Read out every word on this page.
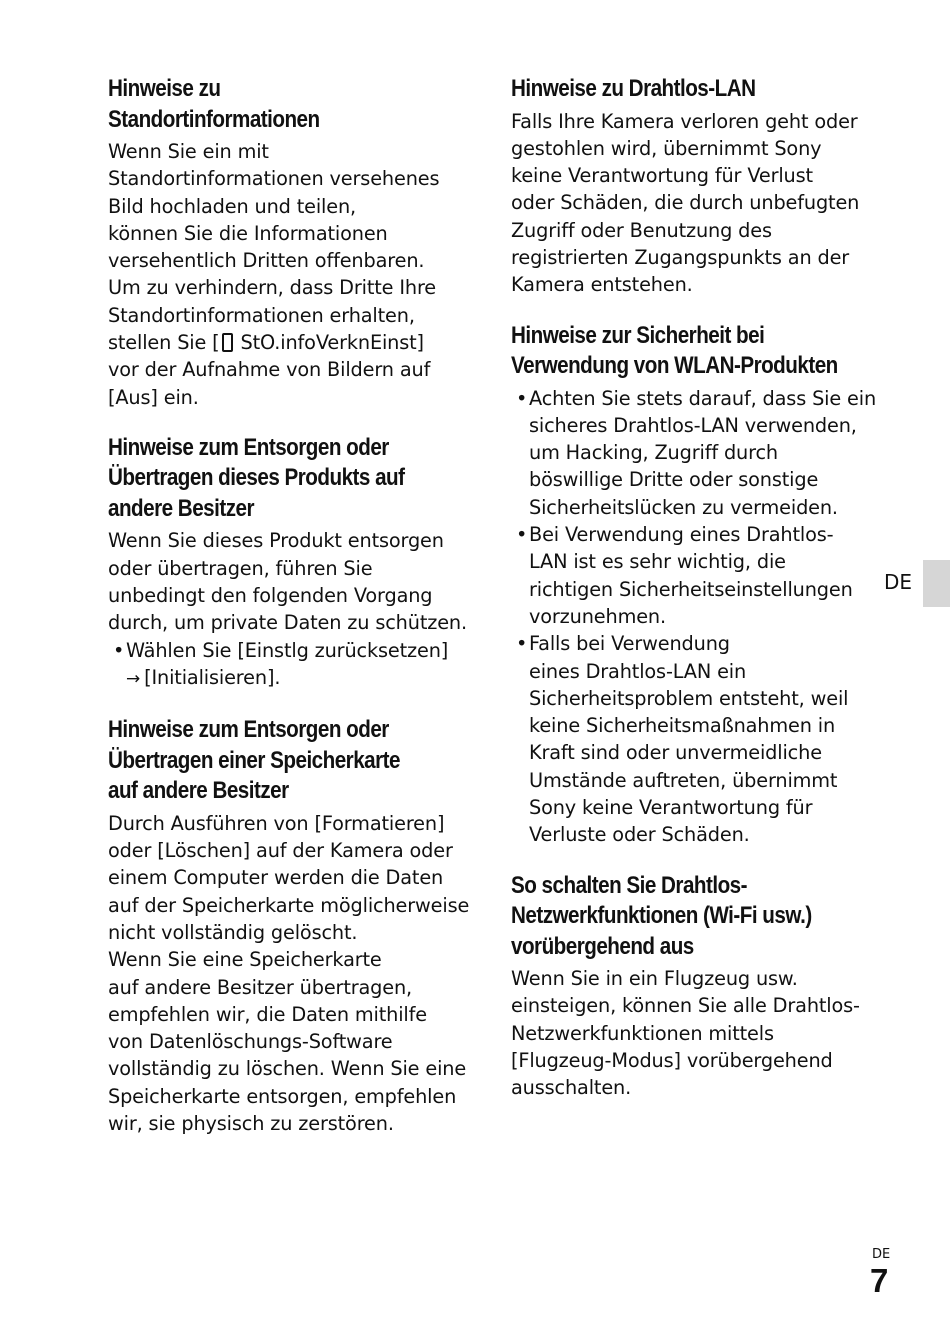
Hinweise zu
Standortinformationen

Wenn Sie ein mit
Standortinformationen versehenes
Bild hochladen und teilen,
können Sie die Informationen
versehentlich Dritten offenbaren.
Um zu verhindern, dass Dritte Ihre
Standortinformationen erhalten,
stellen Sie [ StO.infoVerknEinst]
vor der Aufnahme von Bildern auf
[Aus] ein.

Hinweise zum Entsorgen oder
Übertragen dieses Produkts auf
andere Besitzer

Wenn Sie dieses Produkt entsorgen
oder übertragen, führen Sie
unbedingt den folgenden Vorgang
durch, um private Daten zu schützen.

• Wählen Sie [Einstlg zurücksetzen]
→ [Initialisieren].
Hinweise zum Entsorgen oder
Übertragen einer Speicherkarte
auf andere Besitzer

Durch Ausführen von [Formatieren]
oder [Löschen] auf der Kamera oder
einem Computer werden die Daten
auf der Speicherkarte möglicherweise
nicht vollständig gelöscht.
Wenn Sie eine Speicherkarte
auf andere Besitzer übertragen,
empfehlen wir, die Daten mithilfe
von Datenlöschungs-Software
vollständig zu löschen. Wenn Sie eine
Speicherkarte entsorgen, empfehlen
wir, sie physisch zu zerstören.

Hinweise zu Drahtlos-LAN

Falls Ihre Kamera verloren geht oder
gestohlen wird, übernimmt Sony
keine Verantwortung für Verlust
oder Schäden, die durch unbefugten
Zugriff oder Benutzung des
registrierten Zugangspunkts an der
Kamera entstehen.

Hinweise zur Sicherheit bei
Verwendung von WLAN-Produkten
• Achten Sie stets darauf, dass Sie ein
sicheres Drahtlos-LAN verwenden,
um Hacking, Zugriff durch
böswillige Dritte oder sonstige
Sicherheitslücken zu vermeiden.
• Bei Verwendung eines Drahtlos-
LAN ist es sehr wichtig, die
richtigen Sicherheitseinstellungen
vorzunehmen.
• Falls bei Verwendung
eines Drahtlos-LAN ein
Sicherheitsproblem entsteht, weil
keine Sicherheitsmaßnahmen in
Kraft sind oder unvermeidliche
Umstände auftreten, übernimmt
Sony keine Verantwortung für
Verluste oder Schäden.
So schalten Sie Drahtlos-
Netzwerkfunktionen (Wi-Fi usw.)
vorübergehend aus

Wenn Sie in ein Flugzeug usw.
einsteigen, können Sie alle Drahtlos-
Netzwerkfunktionen mittels
[Flugzeug-Modus] vorübergehend
ausschalten.

DE
DE
7
